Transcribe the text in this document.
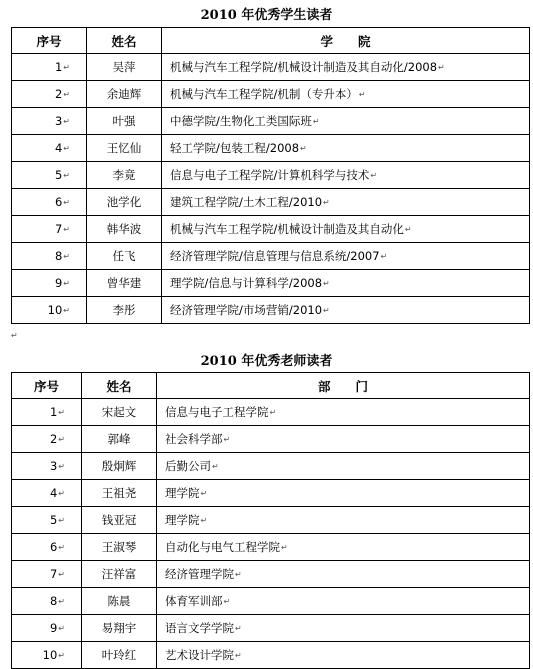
2010 年优秀学生读者
序号	姓名	学　　院
1↵	吴萍	机械与汽车工程学院/机械设计制造及其自动化/2008↵
2↵	余迪辉	机械与汽车工程学院/机制（专升本）↵
3↵	叶强	中德学院/生物化工类国际班↵
4↵	王忆仙	轻工学院/包装工程/2008↵
5↵	李竟	信息与电子工程学院/计算机科学与技术↵
6↵	池学化	建筑工程学院/土木工程/2010↵
7↵	韩华波	机械与汽车工程学院/机械设计制造及其自动化↵
8↵	任飞	经济管理学院/信息管理与信息系统/2007↵
9↵	曾华建	理学院/信息与计算科学/2008↵
10↵	李彤	经济管理学院/市场营销/2010↵
↵
2010 年优秀老师读者
序号	姓名	部　　门
1↵	宋起文	信息与电子工程学院↵
2↵	郭峰	社会科学部↵
3↵	殷炯辉	后勤公司↵
4↵	王祖尧	理学院↵
5↵	钱亚冠	理学院↵
6↵	王淑琴	自动化与电气工程学院↵
7↵	汪祥富	经济管理学院↵
8↵	陈晨	体育军训部↵
9↵	易翔宇	语言文学学院↵
10↵	叶玲红	艺术设计学院↵
